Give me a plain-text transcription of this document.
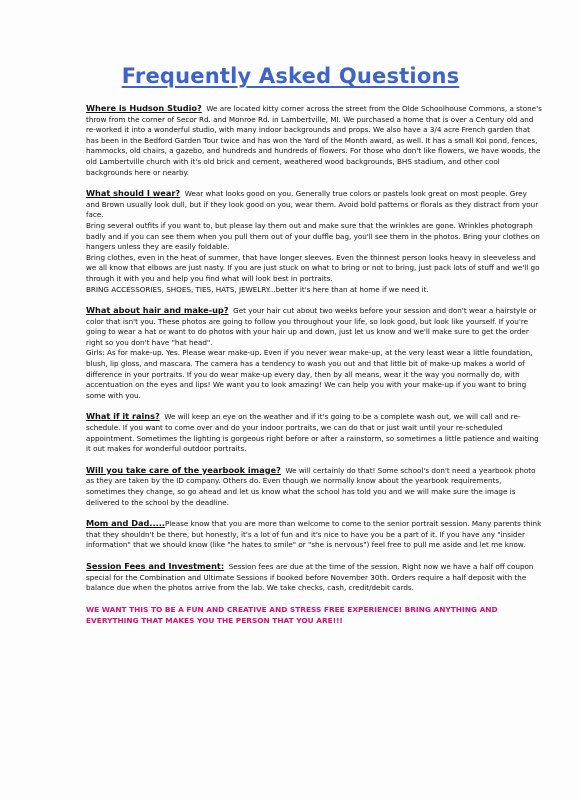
Frequently Asked Questions

Where is Hudson Studio? We are located kitty corner across the street from the Olde Schoolhouse Commons, a stone's throw from the corner of Secor Rd. and Monroe Rd. in Lambertville, MI. We purchased a home that is over a Century old and re-worked it into a wonderful studio, with many indoor backgrounds and props. We also have a 3/4 acre French garden that has been in the Bedford Garden Tour twice and has won the Yard of the Month award, as well. It has a small Koi pond, fences, hammocks, old chairs, a gazebo, and hundreds and hundreds of flowers. For those who don't like flowers, we have woods, the old Lambertville church with it's old brick and cement, weathered wood backgrounds, BHS stadium, and other cool backgrounds here or nearby.

What should I wear? Wear what looks good on you. Generally true colors or pastels look great on most people. Grey and Brown usually look dull, but if they look good on you, wear them. Avoid bold patterns or florals as they distract from your face.

Bring several outfits if you want to, but please lay them out and make sure that the wrinkles are gone. Wrinkles photograph badly and if you can see them when you pull them out of your duffle bag, you'll see them in the photos. Bring your clothes on hangers unless they are easily foldable.

Bring clothes, even in the heat of summer, that have longer sleeves. Even the thinnest person looks heavy in sleeveless and we all know that elbows are just nasty. If you are just stuck on what to bring or not to bring, just pack lots of stuff and we'll go through it with you and help you find what will look best in portraits.

BRING ACCESSORIES, SHOES, TIES, HATS, JEWELRY...better it's here than at home if we need it.

What about hair and make-up? Get your hair cut about two weeks before your session and don't wear a hairstyle or color that isn't you. These photos are going to follow you throughout your life, so look good, but look like yourself. If you're going to wear a hat or want to do photos with your hair up and down, just let us know and we'll make sure to get the order right so you don't have "hat head".

Girls: As for make-up. Yes. Please wear make-up. Even if you never wear make-up, at the very least wear a little foundation, blush, lip gloss, and mascara. The camera has a tendency to wash you out and that little bit of make-up makes a world of difference in your portraits. If you do wear make-up every day, then by all means, wear it the way you normally do, with accentuation on the eyes and lips! We want you to look amazing! We can help you with your make-up if you want to bring some with you.

What if it rains? We will keep an eye on the weather and if it's going to be a complete wash out, we will call and re-schedule. If you want to come over and do your indoor portraits, we can do that or just wait until your re-scheduled appointment. Sometimes the lighting is gorgeous right before or after a rainstorm, so sometimes a little patience and waiting it out makes for wonderful outdoor portraits.

Will you take care of the yearbook image? We will certainly do that! Some school's don't need a yearbook photo as they are taken by the ID company. Others do. Even though we normally know about the yearbook requirements, sometimes they change, so go ahead and let us know what the school has told you and we will make sure the image is delivered to the school by the deadline.

Mom and Dad.....Please know that you are more than welcome to come to the senior portrait session. Many parents think that they shouldn't be there, but honestly, it's a lot of fun and it's nice to have you be a part of it. If you have any "insider information" that we should know (like "he hates to smile" or "she is nervous") feel free to pull me aside and let me know.

Session Fees and Investment: Session fees are due at the time of the session. Right now we have a half off coupon special for the Combination and Ultimate Sessions if booked before November 30th. Orders require a half deposit with the balance due when the photos arrive from the lab. We take checks, cash, credit/debit cards.

WE WANT THIS TO BE A FUN AND CREATIVE AND STRESS FREE EXPERIENCE! BRING ANYTHING AND EVERYTHING THAT MAKES YOU THE PERSON THAT YOU ARE!!!
